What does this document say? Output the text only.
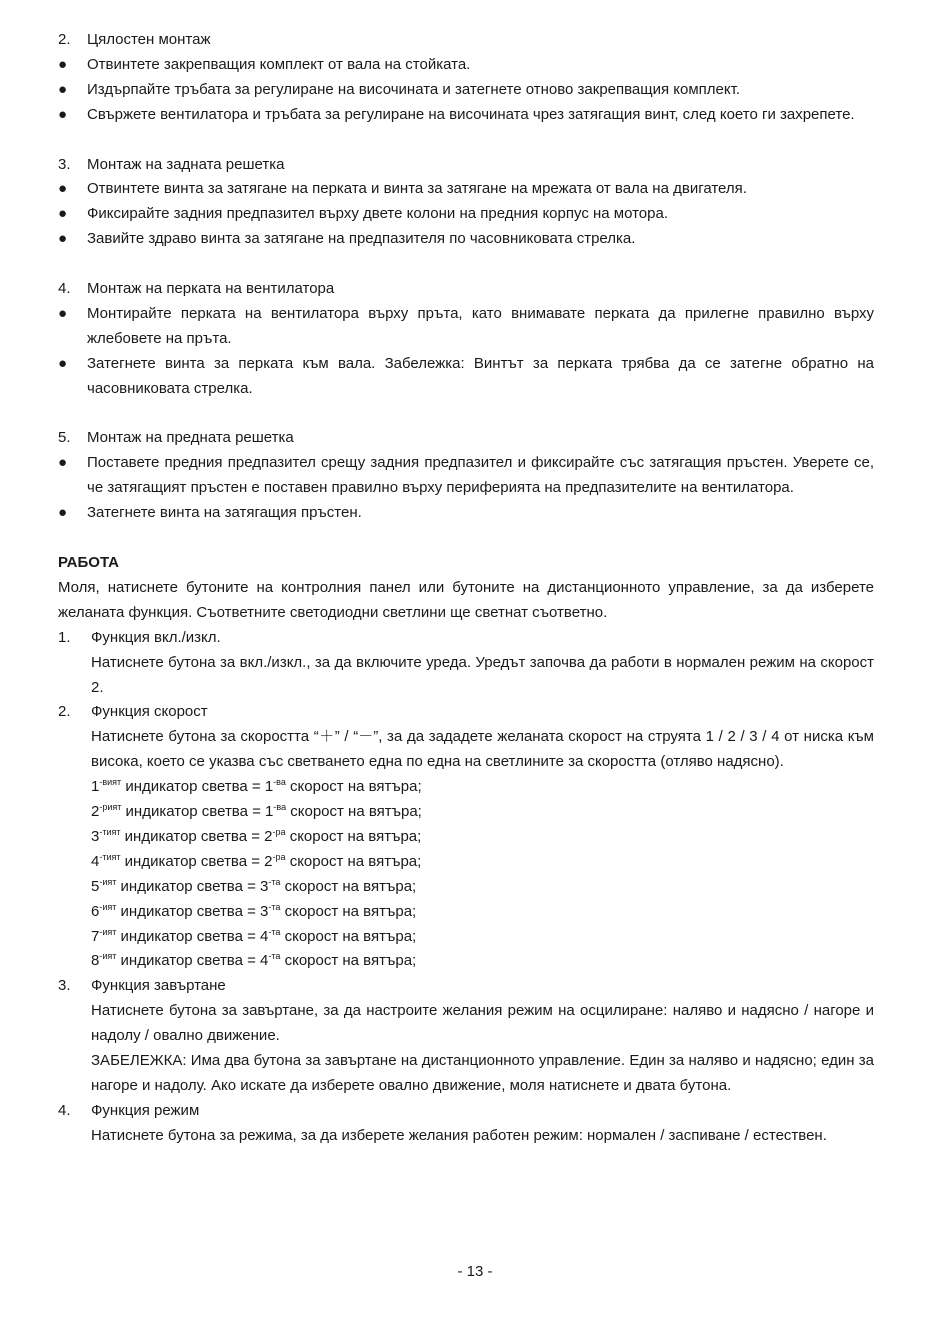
2.	Цялостен монтаж
●	Отвинтете закрепващия комплект от вала на стойката.
●	Издърпайте тръбата за регулиране на височината и затегнете отново закрепващия комплект.
●	Свържете вентилатора и тръбата за регулиране на височината чрез затягащия винт, след което ги захрепете.
3.	Монтаж на задната решетка
●	Отвинтете винта за затягане на перката и винта за затягане на мрежата от вала на двигателя.
●	Фиксирайте задния предпазител върху двете колони на предния корпус на мотора.
●	Завийте здраво винта за затягане на предпазителя по часовниковата стрелка.
4.	Монтаж на перката на вентилатора
●	Монтирайте перката на вентилатора върху пръта, като внимавате перката да прилегне правилно върху жлебовете на пръта.
●	Затегнете винта за перката към вала. Забележка: Винтът за перката трябва да се затегне обратно на часовниковата стрелка.
5.	Монтаж на предната решетка
●	Поставете предния предпазител срещу задния предпазител и фиксирайте със затягащия пръстен. Уверете се, че затягащият пръстен е поставен правилно върху периферията на предпазителите на вентилатора.
●	Затегнете винта на затягащия пръстен.
РАБОТА
Моля, натиснете бутоните на контролния панел или бутоните на дистанционното управление, за да изберете желаната функция. Съответните светодиодни светлини ще светнат съответно.
1.	Функция вкл./изкл.
Натиснете бутона за вкл./изкл., за да включите уреда. Уредът започва да работи в нормален режим на скорост 2.
2.	Функция скорост
Натиснете бутона за скоростта “＋” / “－”, за да зададете желаната скорост на струята 1 / 2 / 3 / 4 от ниска към висока, което се указва със светването една по една на светлините за скоростта (отляво надясно).
$1^{-вият}$ индикатор светва = $1^{-ва}$ скорост на вятъра;
$2^{-рият}$ индикатор светва = $1^{-ва}$ скорост на вятъра;
$3^{-тият}$ индикатор светва = $2^{-ра}$ скорост на вятъра;
$4^{-тият}$ индикатор светва = $2^{-ра}$ скорост на вятъра;
$5^{-ият}$ индикатор светва = $3^{-та}$ скорост на вятъра;
$6^{-ият}$ индикатор светва = $3^{-та}$ скорост на вятъра;
$7^{-ият}$ индикатор светва = $4^{-та}$ скорост на вятъра;
$8^{-ият}$ индикатор светва = $4^{-та}$ скорост на вятъра;
3.	Функция завъртане
Натиснете бутона за завъртане, за да настроите желания режим на осцилиране: наляво и надясно / нагоре и надолу / овално движение.
ЗАБЕЛЕЖКА: Има два бутона за завъртане на дистанционното управление. Един за наляво и надясно; един за нагоре и надолу. Ако искате да изберете овално движение, моля натиснете и двата бутона.
4.	Функция режим
Натиснете бутона за режима, за да изберете желания работен режим: нормален / заспиване / естествен.
- 13 -
